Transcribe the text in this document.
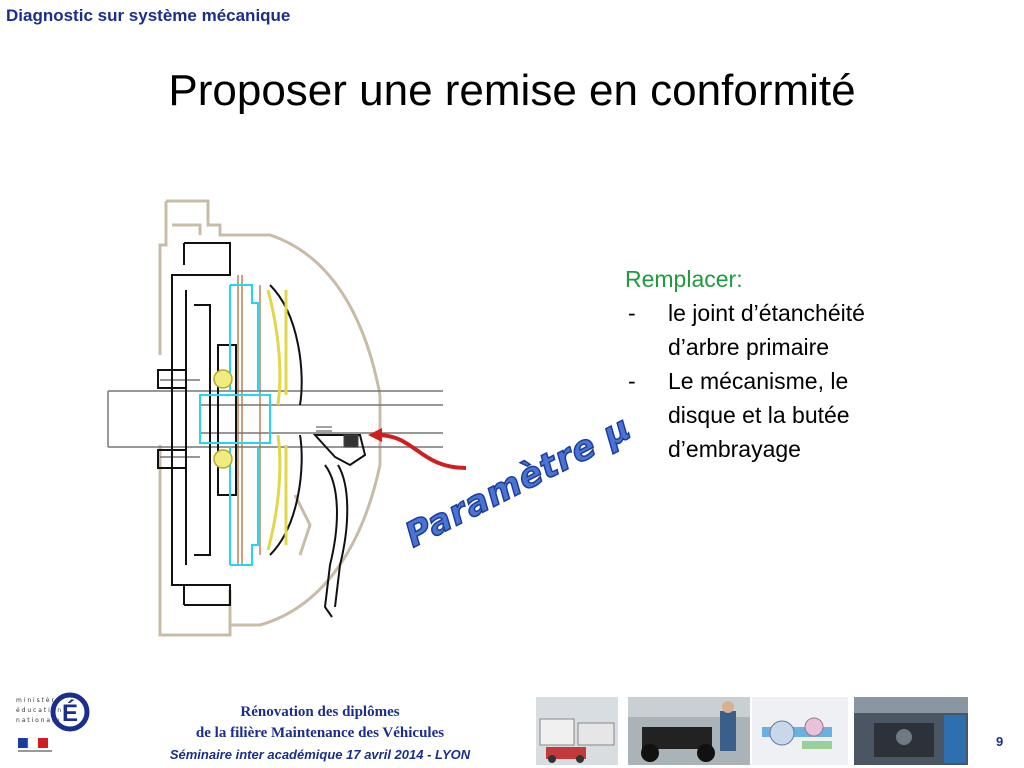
Diagnostic sur système mécanique
Proposer une remise en conformité
Paramètre µ
Remplacer:
-	le joint d’étanchéité
d’arbre primaire
-	Le mécanisme, le
disque et la butée
d’embrayage
m i n i s t è r e
é d u c a t i o n
n a t i o n a l e É	Rénovation des diplômes
de la filière Maintenance des Véhicules
Séminaire inter académique 17 avril 2014 - LYON
9
